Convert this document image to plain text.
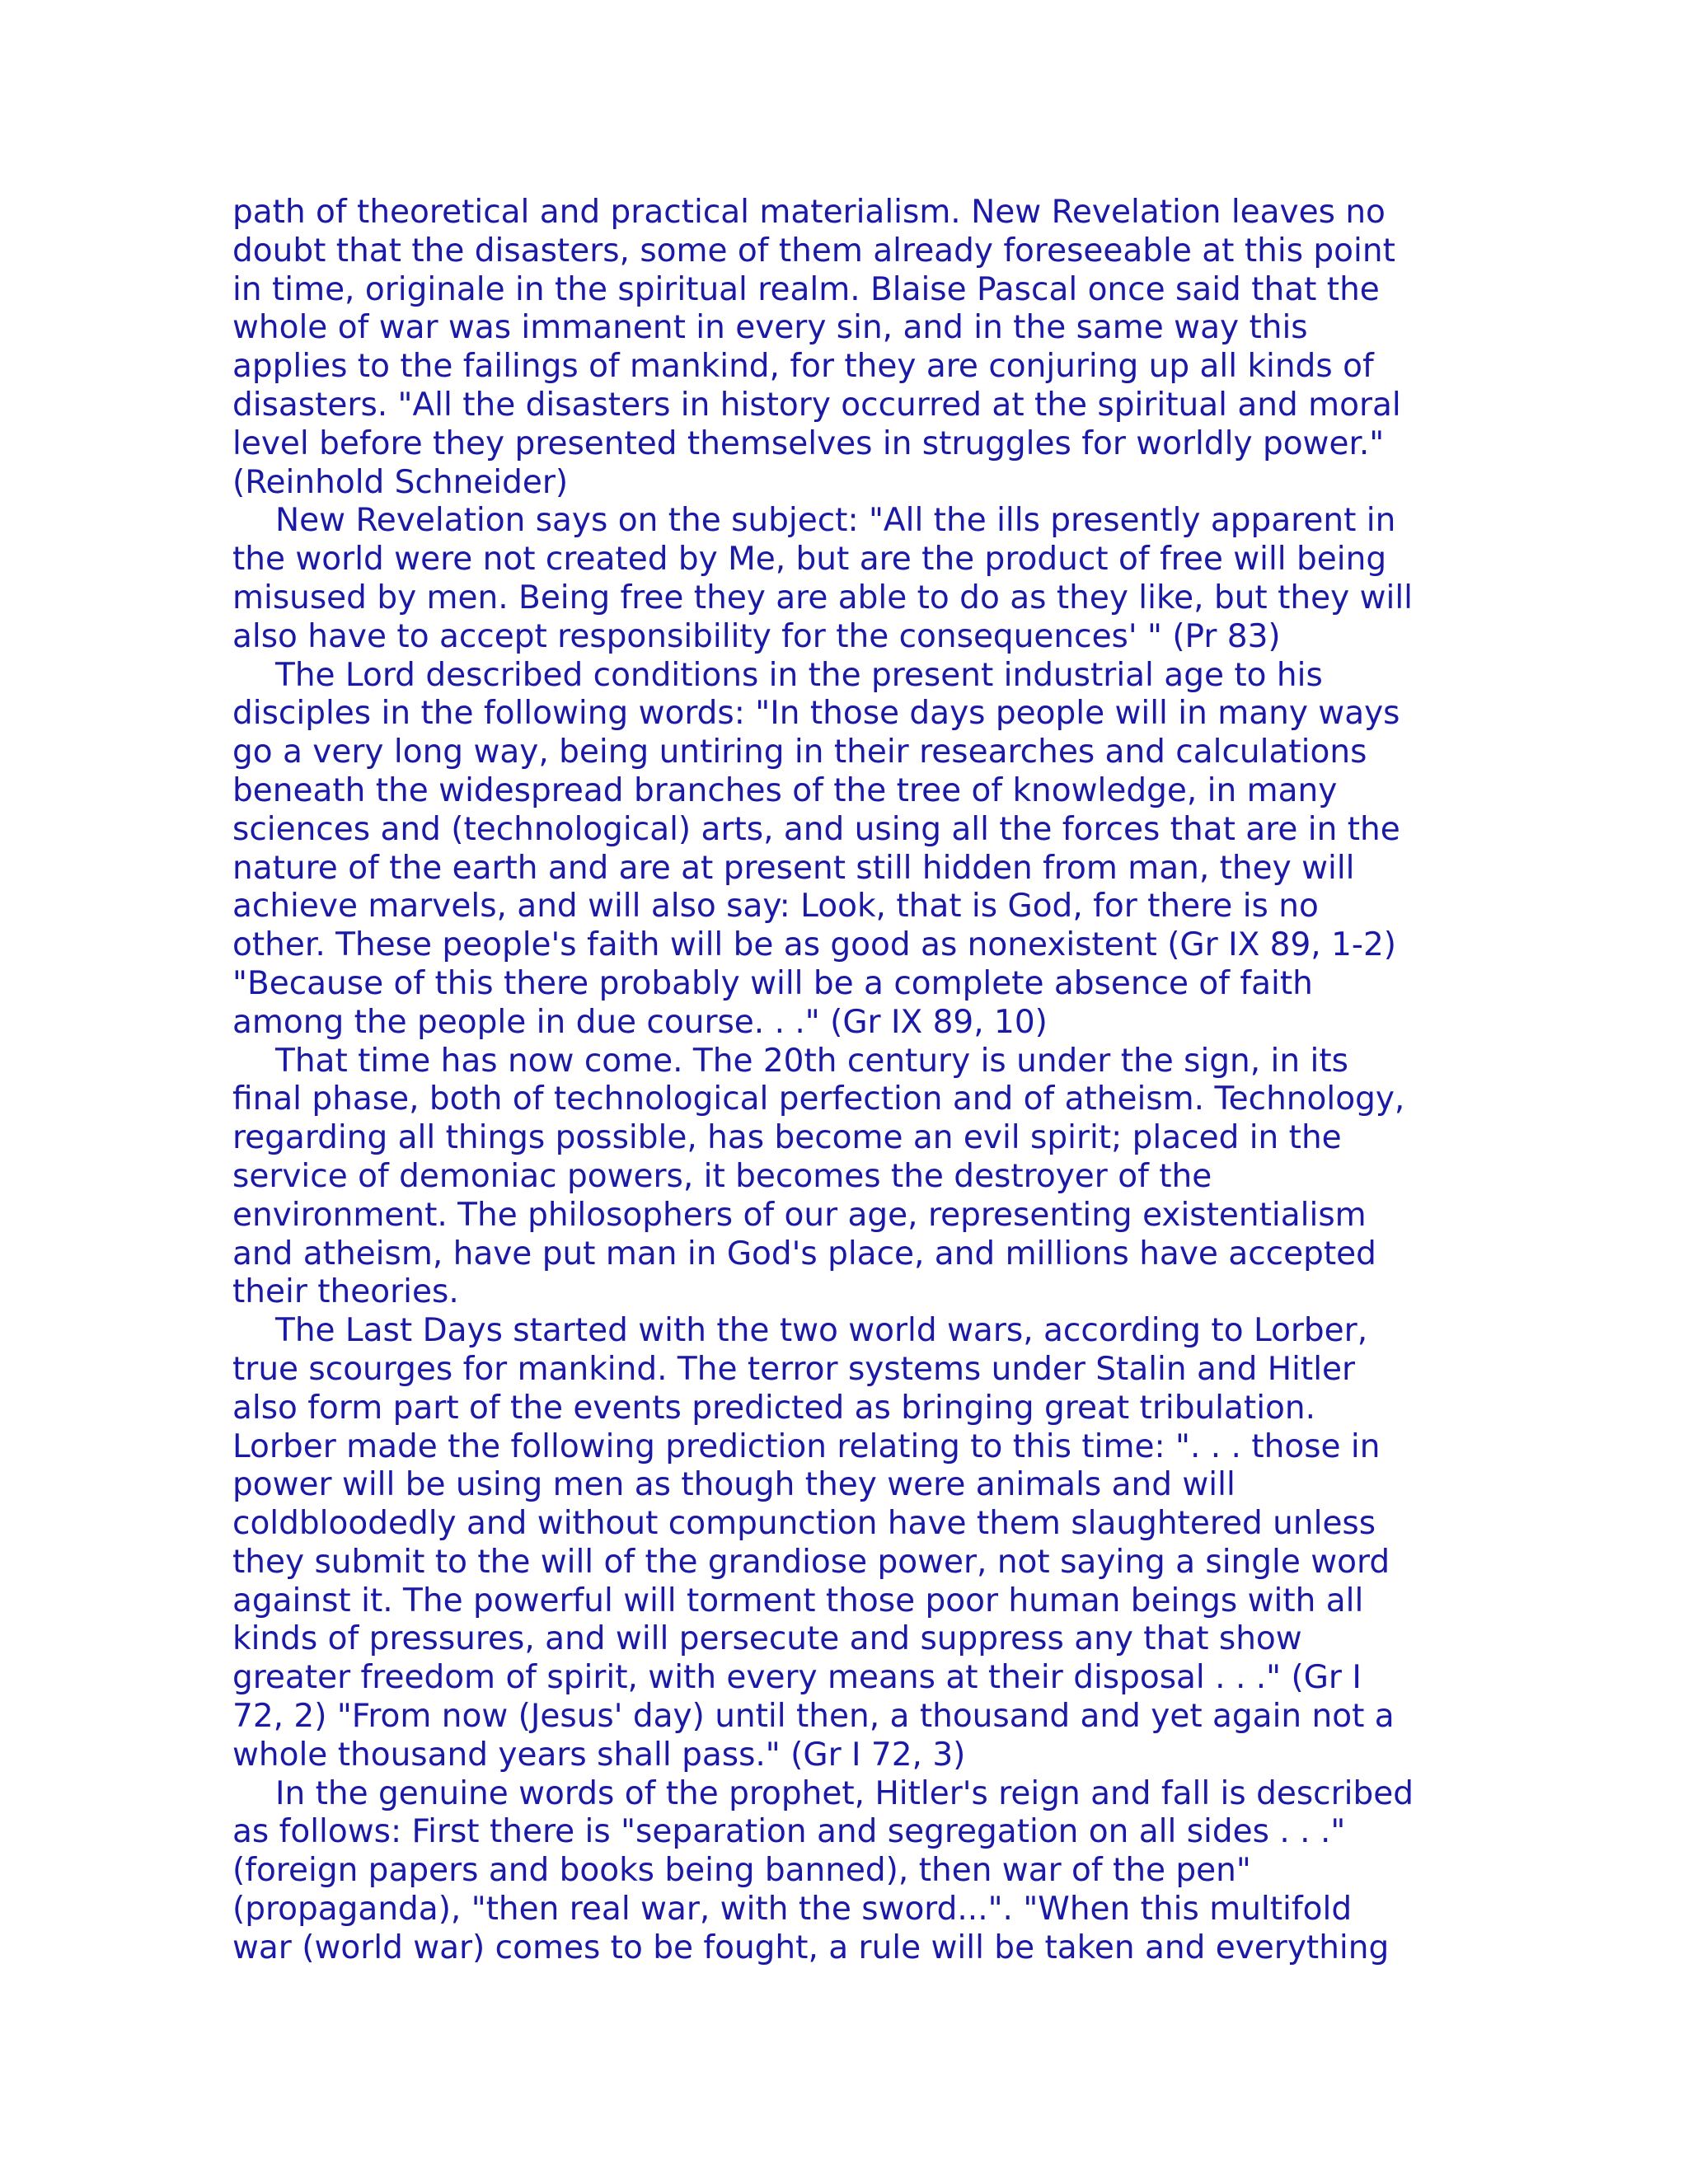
path of theoretical and practical materialism. New Revelation leaves no
doubt that the disasters, some of them already foreseeable at this point
in time, originale in the spiritual realm. Blaise Pascal once said that the
whole of war was immanent in every sin, and in the same way this
applies to the failings of mankind, for they are conjuring up all kinds of
disasters. "All the disasters in history occurred at the spiritual and moral
level before they presented themselves in struggles for worldly power."
(Reinhold Schneider)
New Revelation says on the subject: "All the ills presently apparent in
the world were not created by Me, but are the product of free will being
misused by men. Being free they are able to do as they like, but they will
also have to accept responsibility for the consequences' " (Pr 83)
The Lord described conditions in the present industrial age to his
disciples in the following words: "In those days people will in many ways
go a very long way, being untiring in their researches and calculations
beneath the widespread branches of the tree of knowledge, in many
sciences and (technological) arts, and using all the forces that are in the
nature of the earth and are at present still hidden from man, they will
achieve marvels, and will also say: Look, that is God, for there is no
other. These people's faith will be as good as nonexistent (Gr IX 89, 1-2)
"Because of this there probably will be a complete absence of faith
among the people in due course. . ." (Gr IX 89, 10)
That time has now come. The 20th century is under the sign, in its
final phase, both of technological perfection and of atheism. Technology,
regarding all things possible, has become an evil spirit; placed in the
service of demoniac powers, it becomes the destroyer of the
environment. The philosophers of our age, representing existentialism
and atheism, have put man in God's place, and millions have accepted
their theories.
The Last Days started with the two world wars, according to Lorber,
true scourges for mankind. The terror systems under Stalin and Hitler
also form part of the events predicted as bringing great tribulation.
Lorber made the following prediction relating to this time: ". . . those in
power will be using men as though they were animals and will
coldbloodedly and without compunction have them slaughtered unless
they submit to the will of the grandiose power, not saying a single word
against it. The powerful will torment those poor human beings with all
kinds of pressures, and will persecute and suppress any that show
greater freedom of spirit, with every means at their disposal . . ." (Gr I
72, 2) "From now (Jesus' day) until then, a thousand and yet again not a
whole thousand years shall pass." (Gr I 72, 3)
In the genuine words of the prophet, Hitler's reign and fall is described
as follows: First there is "separation and segregation on all sides . . ."
(foreign papers and books being banned), then war of the pen"
(propaganda), "then real war, with the sword...". "When this multifold
war (world war) comes to be fought, a rule will be taken and everything
